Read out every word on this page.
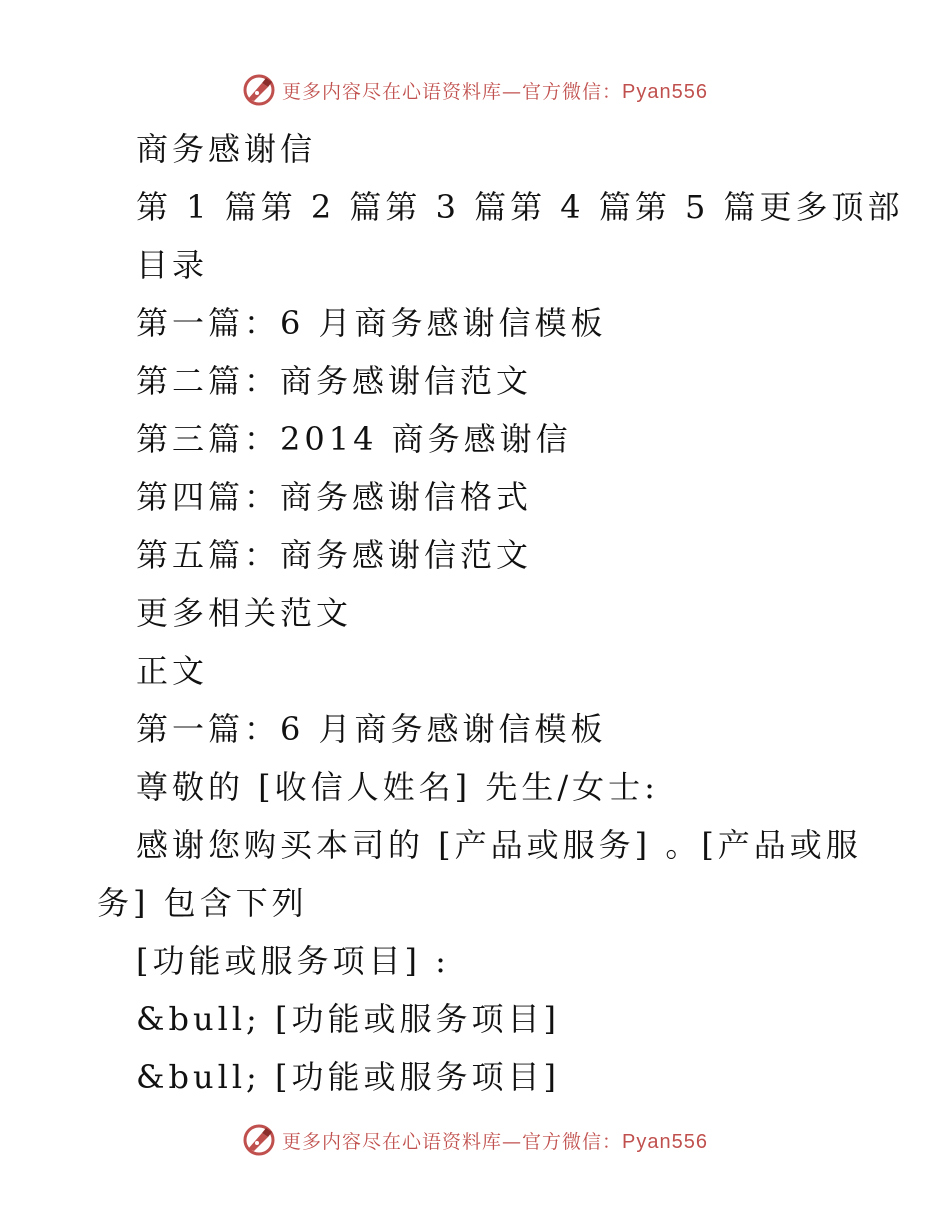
更多内容尽在心语资料库—官方微信：Pyan556
商务感谢信
第 1 篇第 2 篇第 3 篇第 4 篇第 5 篇更多顶部
目录
第一篇：6 月商务感谢信模板
第二篇：商务感谢信范文
第三篇：2014 商务感谢信
第四篇：商务感谢信格式
第五篇：商务感谢信范文
更多相关范文
正文
第一篇：6 月商务感谢信模板
尊敬的 [收信人姓名] 先生/女士:
感谢您购买本司的 [产品或服务] 。[产品或服
务] 包含下列
[功能或服务项目] :
&bull; [功能或服务项目]
&bull; [功能或服务项目]
更多内容尽在心语资料库—官方微信：Pyan556
